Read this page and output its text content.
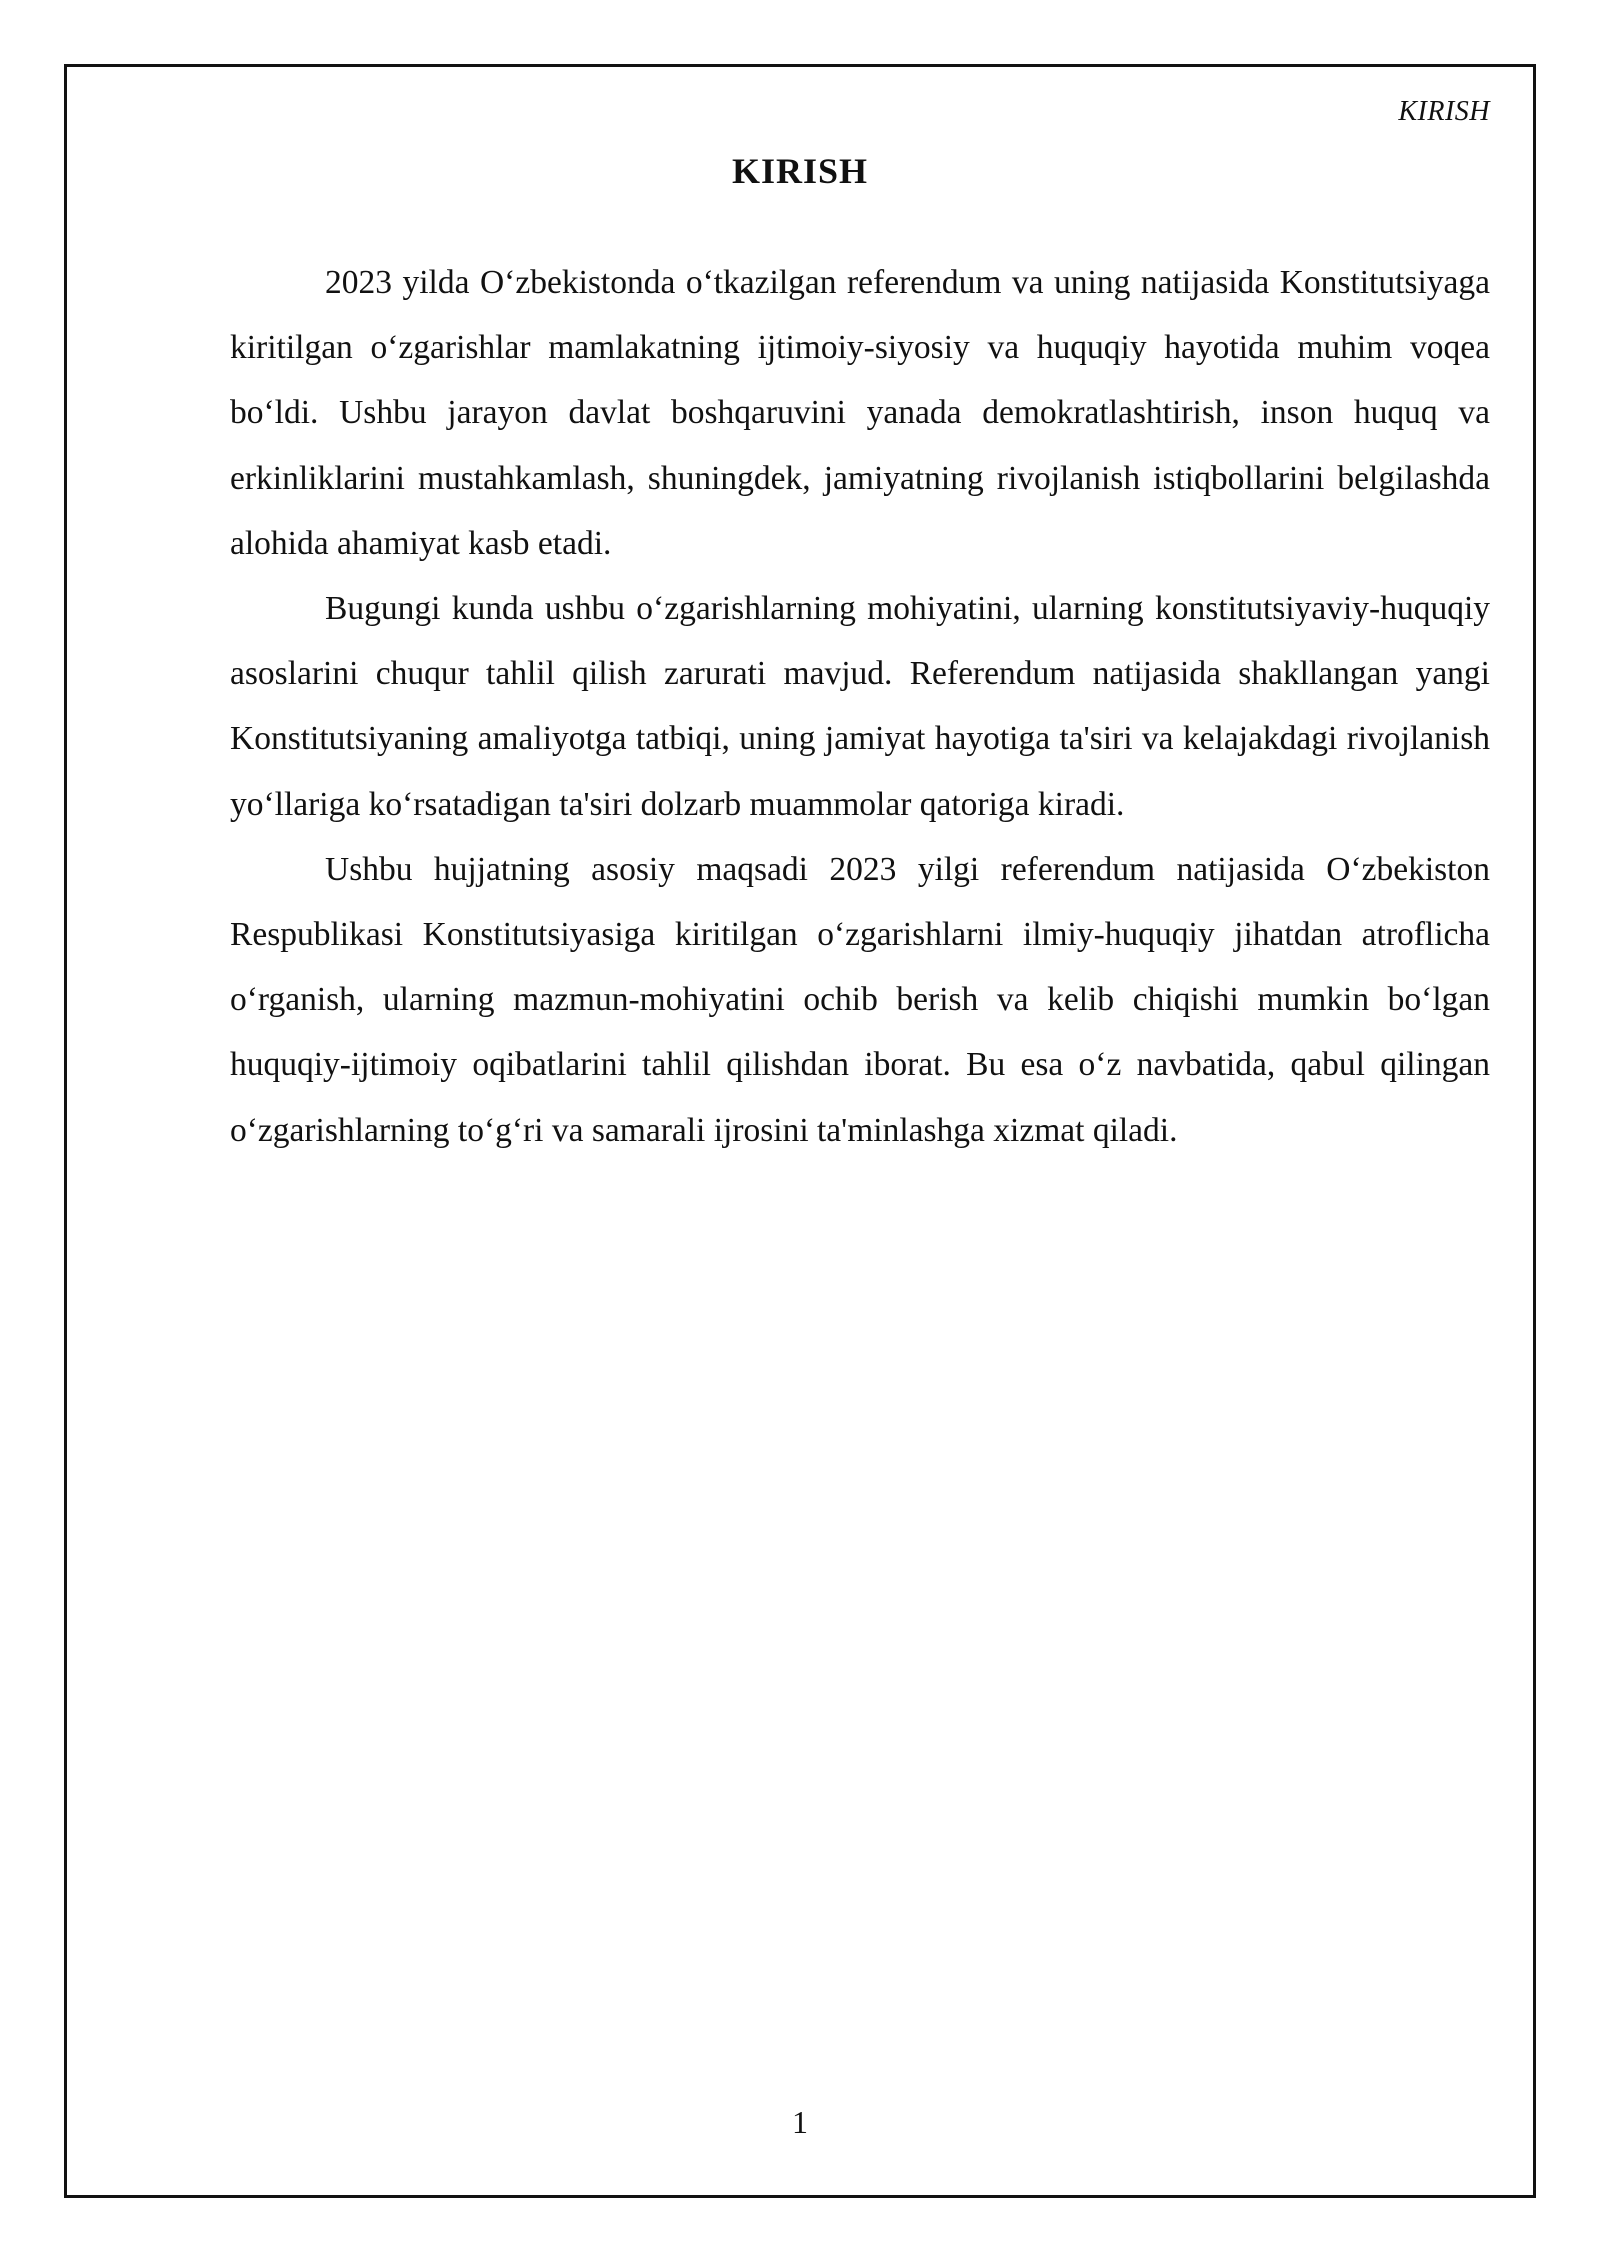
KIRISH
KIRISH

2023 yilda O‘zbekistonda o‘tkazilgan referendum va uning natijasida Konstitutsiyaga kiritilgan o‘zgarishlar mamlakatning ijtimoiy-siyosiy va huquqiy hayotida muhim voqea bo‘ldi. Ushbu jarayon davlat boshqaruvini yanada demokratlashtirish, inson huquq va erkinliklarini mustahkamlash, shuningdek, jamiyatning rivojlanish istiqbollarini belgilashda alohida ahamiyat kasb etadi.

Bugungi kunda ushbu o‘zgarishlarning mohiyatini, ularning konstitutsiyaviy-huquqiy asoslarini chuqur tahlil qilish zarurati mavjud. Referendum natijasida shakllangan yangi Konstitutsiyaning amaliyotga tatbiqi, uning jamiyat hayotiga ta'siri va kelajakdagi rivojlanish yo‘llariga ko‘rsatadigan ta'siri dolzarb muammolar qatoriga kiradi.

Ushbu hujjatning asosiy maqsadi 2023 yilgi referendum natijasida O‘zbekiston Respublikasi Konstitutsiyasiga kiritilgan o‘zgarishlarni ilmiy-huquqiy jihatdan atroflicha o‘rganish, ularning mazmun-mohiyatini ochib berish va kelib chiqishi mumkin bo‘lgan huquqiy-ijtimoiy oqibatlarini tahlil qilishdan iborat. Bu esa o‘z navbatida, qabul qilingan o‘zgarishlarning to‘g‘ri va samarali ijrosini ta'minlashga xizmat qiladi.

1
